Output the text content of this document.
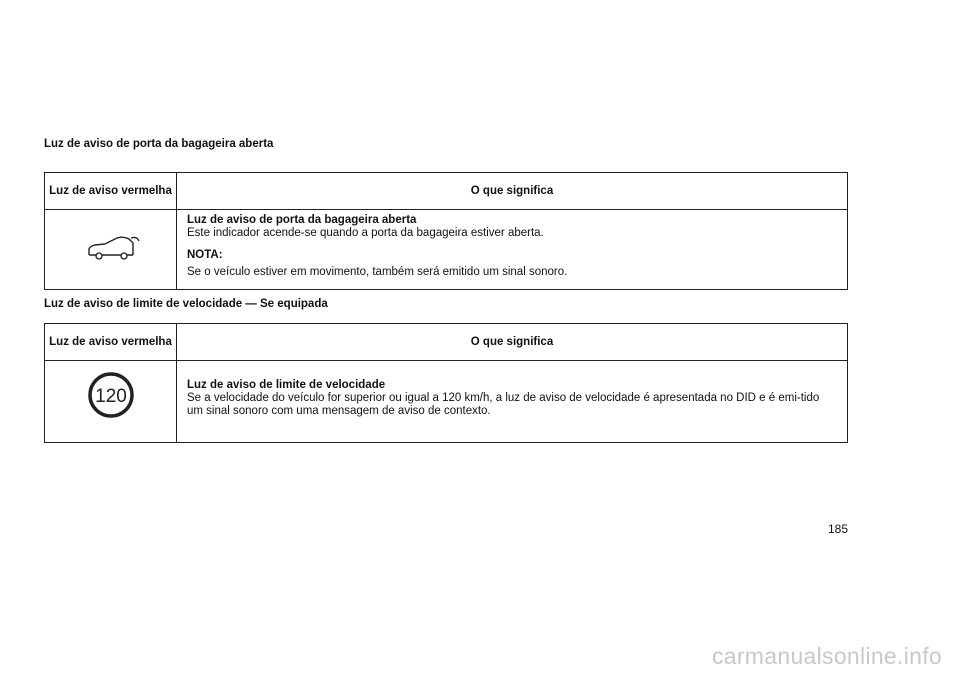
Luz de aviso de porta da bagageira aberta
Luz de aviso vermelha	O que significa

Luz de aviso de porta da bagageira aberta
Este indicador acende-se quando a porta da bagageira estiver aberta.
NOTA:
Se o veículo estiver em movimento, também será emitido um sinal sonoro.
Luz de aviso de limite de velocidade — Se equipada
Luz de aviso vermelha	O que significa

120	Luz de aviso de limite de velocidade
Se a velocidade do veículo for superior ou igual a 120 km/h, a luz de aviso de velocidade é apresentada no DID e é emi-tido um sinal sonoro com uma mensagem de aviso de contexto.
185
carmanualsonline.info
